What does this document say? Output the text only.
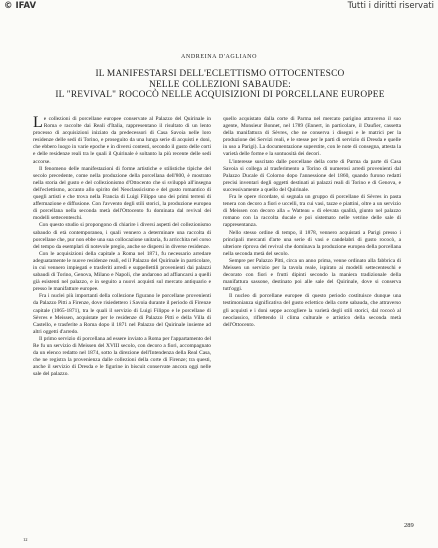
© IFAV	Tutti i diritti riservati
ANDREINA D'AGLIANO
IL MANIFESTARSI DELL'ECLETTISMO OTTOCENTESCO
NELLE COLLEZIONI SABAUDE:
IL "REVIVAL" ROCOCÒ NELLE ACQUISIZIONI DI PORCELLANE EUROPEE

Le collezioni di porcellane europee conservate al Palazzo del Quirinale in Roma e raccolte dai Reali d'Italia, rappresentano il risultato di un lento processo di acquisizioni iniziato da predecessori di Casa Savoia nelle loro residenze delle sedi di Torino, e proseguito da una lunga serie di acquisti e doni, che ebbero luogo in varie epoche e in diversi contesti, secondo il gusto delle corti e delle residenze reali tra le quali il Quirinale è soltanto la più recente delle sedi accorse.

Il fenomeno delle manifestazioni di forme artistiche e stilistiche tipiche del secolo precedente, come nella produzione della porcellana dell'800, è mostrato nella storia del gusto e del collezionismo d'Ottocento che si sviluppò all'insegna dell'eclettismo, accanto allo spirito del Neoclassicismo e del gusto romantico di quegli artisti e che trova nella Francia di Luigi Filippo uno dei primi terreni di affermazione e diffusione. Con l'avvento degli stili storici, la produzione europea di porcellana nella seconda metà dell'Ottocento fu dominata dal revival dei modelli settecenteschi.

Con questo studio si propongono di chiarire i diversi aspetti del collezionismo sabaudo di età contemporanea, i quali vennero a determinare una raccolta di porcellane che, pur non ebbe una sua collocazione unitaria, fu arricchita nel corso del tempo da esemplari di notevole pregio, anche se dispersi in diverse residenze.

Con le acquisizioni della capitale a Roma nel 1871, fu necessario arredare adeguatamente le nuove residenze reali, ed il Palazzo del Quirinale in particolare, in cui vennero impiegati e trasferiti arredi e suppellettili provenienti dai palazzi sabaudi di Torino, Genova, Milano e Napoli, che andarono ad affiancarsi a quelli già esistenti nel palazzo, e in seguito a nuovi acquisti sul mercato antiquario e presso le manifatture europee.

Fra i nuclei più importanti della collezione figurano le porcellane provenienti da Palazzo Pitti a Firenze, dove risiedettero i Savoia durante il periodo di Firenze capitale (1865-1871), tra le quali il servizio di Luigi Filippo e le porcellane di Sèvres e Meissen, acquistate per le residenze di Palazzo Pitti e della Villa di Castello, e trasferite a Roma dopo il 1871 nel Palazzo del Quirinale insieme ad altri oggetti d'arredo.

Il primo servizio di porcellana ad essere inviato a Roma per l'appartamento del Re fu un servizio di Meissen del XVIII secolo, con decoro a fiori, accompagnato da un elenco redatto nel 1874, sotto la direzione dell'Intendenza della Real Casa, che ne registra la provenienza dalle collezioni della corte di Firenze; tra questi, anche il servizio di Dresda e le figurine in biscuit conservate ancora oggi nelle sale del palazzo.

quello acquistato dalla corte di Parma nel mercato parigino attraverso il suo agente, Monsieur Bonnet, nel 1789 (Ennert, in particolare, il Daufier, cassetta della manifattura di Sèvres, che ne conserva i disegni e le matrici per la produzione dei Servizi reali, e le stesse per le parti di servizio di Dresda e quelle in uso a Parigi). La documentazione superstite, con le note di consegna, attesta la varietà delle forme e la sontuosità dei decori.

L'interesse suscitato dalle porcellane della corte di Parma da parte di Casa Savoia si collega al trasferimento a Torino di numerosi arredi provenienti dal Palazzo Ducale di Colorno dopo l'annessione del 1860, quando furono redatti precisi inventari degli oggetti destinati ai palazzi reali di Torino e di Genova, e successivamente a quello del Quirinale.

Fra le opere ricordate, si segnala un gruppo di porcellane di Sèvres in pasta tenera con decoro a fiori e uccelli, tra cui vasi, tazze e piattini, oltre a un servizio di Meissen con decoro alla « Watteau » di elevata qualità, giunto nel palazzo romano con la raccolta ducale e poi sistemato nelle vetrine delle sale di rappresentanza.

Nello stesso ordine di tempo, il 1878, vennero acquistati a Parigi presso i principali mercanti d'arte una serie di vasi e candelabri di gusto rococò, a ulteriore riprova del revival che dominava la produzione europea della porcellana nella seconda metà del secolo.

Sempre per Palazzo Pitti, circa un anno prima, venne ordinato alla fabbrica di Meissen un servizio per la tavola reale, ispirato ai modelli settecenteschi e decorato con fiori e frutti dipinti secondo la maniera tradizionale della manifattura sassone, destinato poi alle sale del Quirinale, dove si conserva tutt'oggi.

Il nucleo di porcellane europee di questo periodo costituisce dunque una testimonianza significativa del gusto eclettico della corte sabauda, che attraverso gli acquisti e i doni seppe accogliere la varietà degli stili storici, dal rococò al neoclassico, riflettendo il clima culturale e artistico della seconda metà dell'Ottocento.

289
12
